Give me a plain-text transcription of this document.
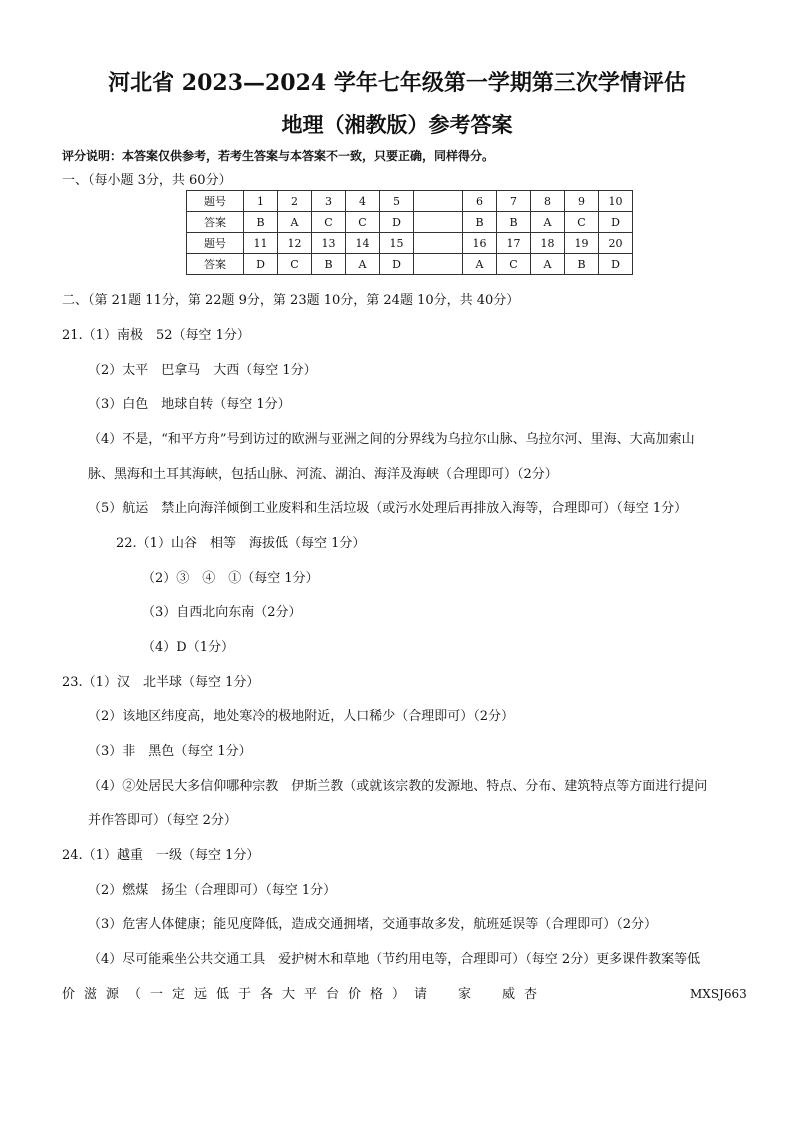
河北省 2023—2024 学年七年级第一学期第三次学情评估
地理（湘教版）参考答案
评分说明：本答案仅供参考，若考生答案与本答案不一致，只要正确，同样得分。
一、（每小题 3分，共 60分）
题号	1	2	3	4	5		6	7	8	9	10
答案	B	A	C	C	D		B	B	A	C	D
题号	11	12	13	14	15		16	17	18	19	20
答案	D	C	B	A	D		A	C	A	B	D
二、（第 21题 11分，第 22题 9分，第 23题 10分，第 24题 10分，共 40分）
21.（1）南极　52（每空 1分）
（2）太平　巴拿马　大西（每空 1分）
（3）白色　地球自转（每空 1分）
（4）不是，“和平方舟”号到访过的欧洲与亚洲之间的分界线为乌拉尔山脉、乌拉尔河、里海、大高加索山
脉、黑海和土耳其海峡，包括山脉、河流、湖泊、海洋及海峡（合理即可）（2分）
（5）航运　禁止向海洋倾倒工业废料和生活垃圾（或污水处理后再排放入海等，合理即可）（每空 1分）
22.（1）山谷　相等　海拔低（每空 1分）
（2）③　④　①（每空 1分）
（3）自西北向东南（2分）
（4）D（1分）
23.（1）汉　北半球（每空 1分）
（2）该地区纬度高，地处寒冷的极地附近，人口稀少（合理即可）（2分）
（3）非　黑色（每空 1分）
（4）②处居民大多信仰哪种宗教　伊斯兰教（或就该宗教的发源地、特点、分布、建筑特点等方面进行提问
并作答即可）（每空 2分）
24.（1）越重　一级（每空 1分）
（2）燃煤　扬尘（合理即可）（每空 1分）
（3）危害人体健康；能见度降低，造成交通拥堵，交通事故多发，航班延误等（合理即可）（2分）
（4）尽可能乘坐公共交通工具　爱护树木和草地（节约用电等，合理即可）（每空 2分）更多课件教案等低
价滋源（一定远低于各大平台价格）请　家　威杏	MXSJ663
